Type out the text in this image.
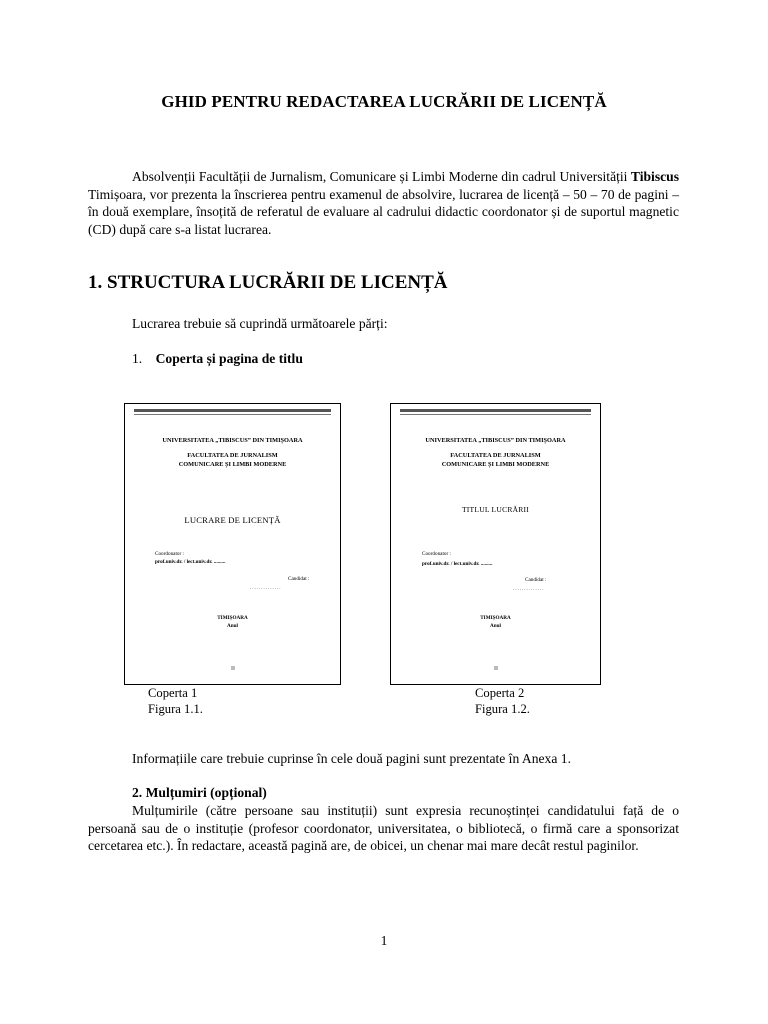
GHID PENTRU REDACTAREA LUCRĂRII DE LICENȚĂ
Absolvenții Facultății de Jurnalism, Comunicare și Limbi Moderne din cadrul Universității Tibiscus Timișoara, vor prezenta la înscrierea pentru examenul de absolvire, lucrarea de licență – 50 – 70 de pagini – în două exemplare, însoțită de referatul de evaluare al cadrului didactic coordonator și de suportul magnetic (CD) după care s-a listat lucrarea.
1. STRUCTURA LUCRĂRII DE LICENȚĂ
Lucrarea trebuie să cuprindă următoarele părți:
1. Coperta și pagina de titlu
UNIVERSITATEA „TIBISCUS” DIN TIMIȘOARA
FACULTATEA DE JURNALISM COMUNICARE ȘI LIMBI MODERNE
LUCRARE DE LICENȚĂ
Coordonator :
prof.univ.dr. / lect.univ.dr. .........
Candidat :
..............
TIMIȘOARA
Anul
Coperta 1
Figura 1.1.
UNIVERSITATEA „TIBISCUS” DIN TIMIȘOARA
FACULTATEA DE JURNALISM COMUNICARE ȘI LIMBI MODERNE
TITLUL LUCRĂRII
Coordonator :
prof.univ.dr. / lect.univ.dr. .........
Candidat :
..............
TIMIȘOARA
Anul
Coperta 2
Figura 1.2.
Informațiile care trebuie cuprinse în cele două pagini sunt prezentate în Anexa 1.
2. Mulțumiri (opțional)
Mulțumirile (către persoane sau instituții) sunt expresia recunoștinței candidatului față de o persoană sau de o instituție (profesor coordonator, universitatea, o bibliotecă, o firmă care a sponsorizat cercetarea etc.). În redactare, această pagină are, de obicei, un chenar mai mare decât restul paginilor.
1
